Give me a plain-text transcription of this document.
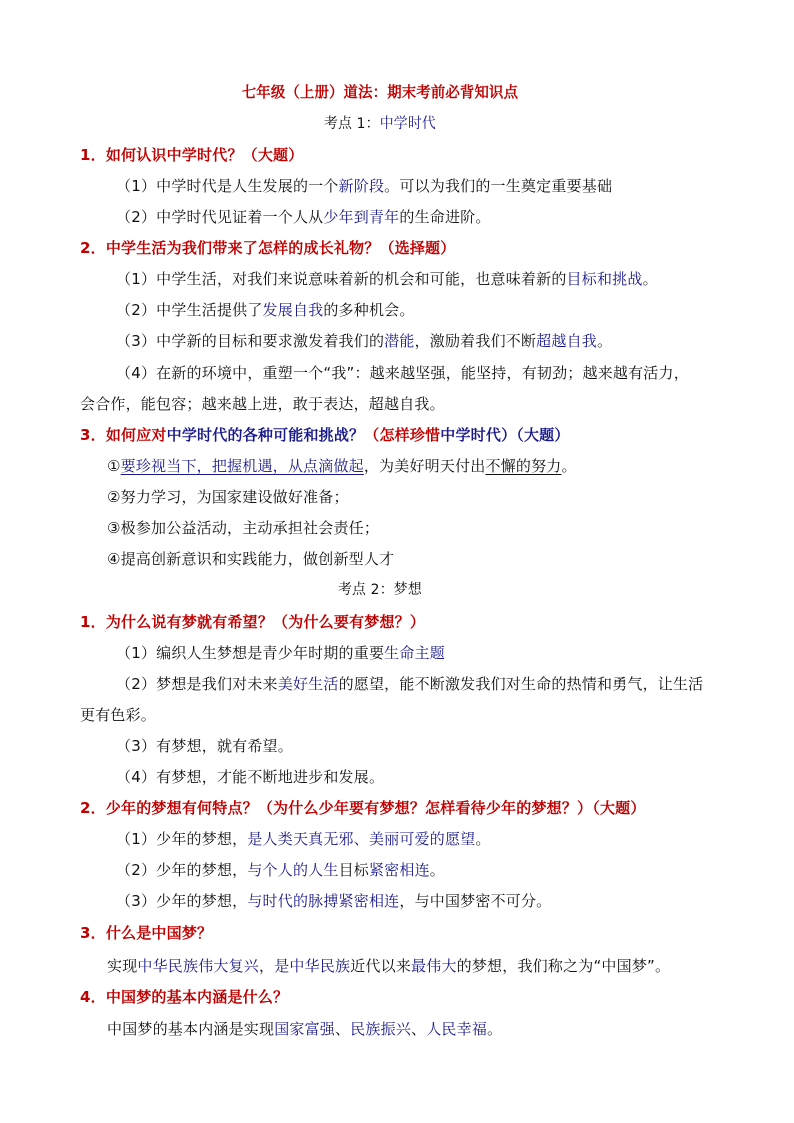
七年级（上册）道法：期末考前必背知识点
考点 1：中学时代
1．如何认识中学时代？（大题）
（1）中学时代是人生发展的一个新阶段。可以为我们的一生奠定重要基础
（2）中学时代见证着一个人从少年到青年的生命进阶。
2．中学生活为我们带来了怎样的成长礼物？（选择题）
（1）中学生活，对我们来说意味着新的机会和可能，也意味着新的目标和挑战。
（2）中学生活提供了发展自我的多种机会。
（3）中学新的目标和要求激发着我们的潜能，激励着我们不断超越自我。
（4）在新的环境中，重塑一个“我”：越来越坚强，能坚持，有韧劲；越来越有活力，
会合作，能包容；越来越上进，敢于表达，超越自我。
3．如何应对中学时代的各种可能和挑战？（怎样珍惜中学时代）（大题）
①要珍视当下，把握机遇，从点滴做起，为美好明天付出不懈的努力。
②努力学习，为国家建设做好准备；
③极参加公益活动，主动承担社会责任；
④提高创新意识和实践能力，做创新型人才
考点 2：梦想
1．为什么说有梦就有希望？（为什么要有梦想？）
（1）编织人生梦想是青少年时期的重要生命主题
（2）梦想是我们对未来美好生活的愿望，能不断激发我们对生命的热情和勇气，让生活
更有色彩。
（3）有梦想，就有希望。
（4）有梦想，才能不断地进步和发展。
2．少年的梦想有何特点？（为什么少年要有梦想？怎样看待少年的梦想？）（大题）
（1）少年的梦想，是人类天真无邪、美丽可爱的愿望。
（2）少年的梦想，与个人的人生目标紧密相连。
（3）少年的梦想，与时代的脉搏紧密相连，与中国梦密不可分。
3．什么是中国梦？
实现中华民族伟大复兴，是中华民族近代以来最伟大的梦想，我们称之为“中国梦”。
4．中国梦的基本内涵是什么？
中国梦的基本内涵是实现国家富强、民族振兴、人民幸福。
